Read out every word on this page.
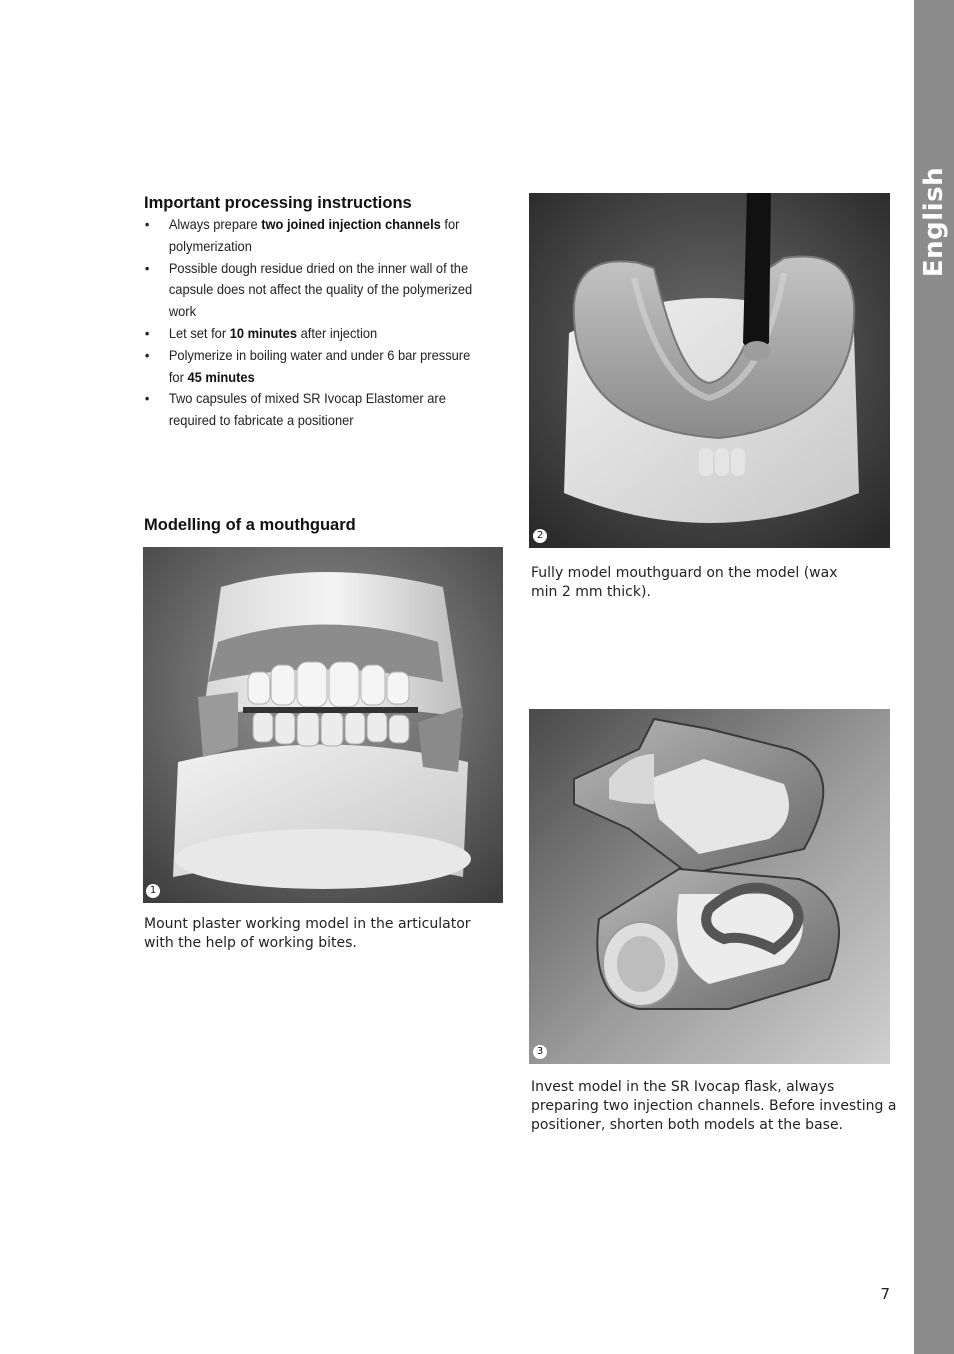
English
Important processing instructions
• Always prepare two joined injection channels for polymerization
• Possible dough residue dried on the inner wall of the capsule does not affect the quality of the polymerized work
• Let set for 10 minutes after injection
• Polymerize in boiling water and under 6 bar pressure for 45 minutes
• Two capsules of mixed SR Ivocap Elastomer are required to fabricate a positioner
Modelling of a mouthguard
1

Mount plaster working model in the articulator with the help of working bites.

2

Fully model mouthguard on the model (wax min 2 mm thick).

3

Invest model in the SR Ivocap flask, always preparing two injection channels. Before investing a positioner, shorten both models at the base.

7
